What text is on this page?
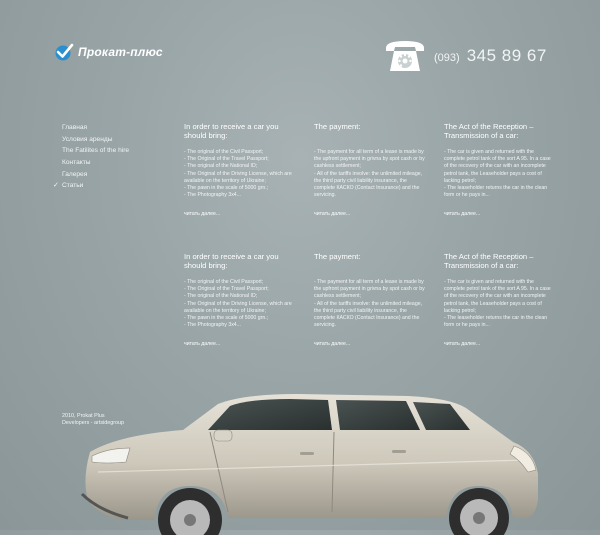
Прокат-плюс	(093) 345 89 67
Главная
Условия аренды
The Fatilites of the hire
Контакты
Галерея
✓ Статьи
In order to receive a car you should bring:

- The original of the Civil Passport;

- The Original of the Travel Passport;

- The original of the National ID;

- The Original of the Driving License, which are available on the territory of Ukraine;

- The pawn in the scale of 5000 grn.;

- The Photography 3x4...

читать далее...
The payment:

- The payment for all term of a lease is made by the upfront payment in grivna by spot cash or by cashless settlement;

- All of the tariffs involve: the unlimited mileage, the third party civil liability insurance, the complete КАСКО (Contact Insurance) and the servicing.

читать далее...
The Act of the Reception – Transmission of a car:

- The car is given and returned with the complete petrol tank of the sort A 95. In a case of the recovery of the car with an incomplete petrol tank, the Leaseholder pays a cost of lacking petrol;

- The leaseholder returns the car in the clean form or he pays in...

читать далее...
In order to receive a car you should bring:

- The original of the Civil Passport;

- The Original of the Travel Passport;

- The original of the National ID;

- The Original of the Driving License, which are available on the territory of Ukraine;

- The pawn in the scale of 5000 grn.;

- The Photography 3x4...

читать далее...
The payment:

- The payment for all term of a lease is made by the upfront payment in grivna by spot cash or by cashless settlement;

- All of the tariffs involve: the unlimited mileage, the third party civil liability insurance, the complete КАСКО (Contact Insurance) and the servicing.

читать далее...
The Act of the Reception – Transmission of a car:

- The car is given and returned with the complete petrol tank of the sort A 95. In a case of the recovery of the car with an incomplete petrol tank, the Leaseholder pays a cost of lacking petrol;

- The leaseholder returns the car in the clean form or he pays in...

читать далее...
2010, Prokat Plus
Developers - artsidegroup
